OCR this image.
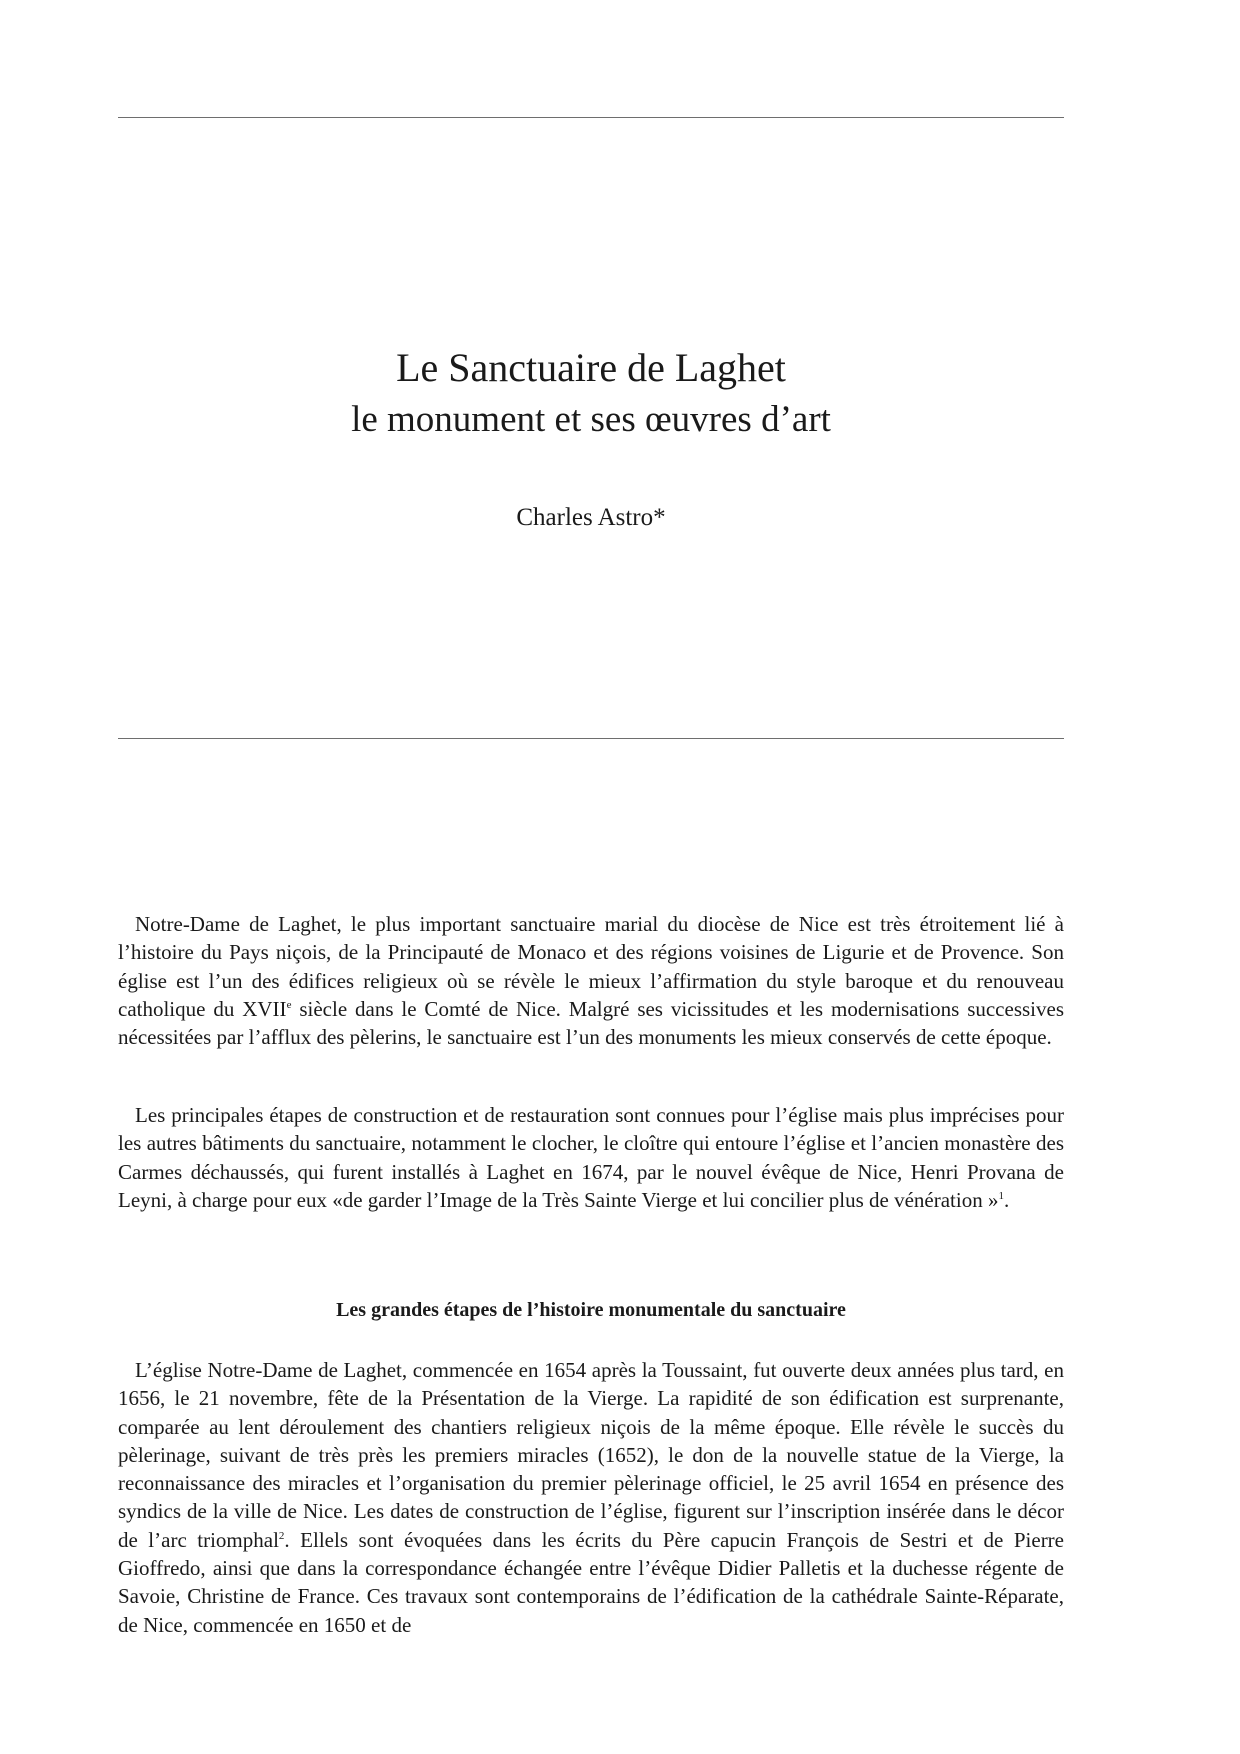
Le Sanctuaire de Laghet
le monument et ses œuvres d’art

Charles Astro*

Notre-Dame de Laghet, le plus important sanctuaire marial du diocèse de Nice est très étroitement lié à l’histoire du Pays niçois, de la Principauté de Monaco et des régions voisines de Ligurie et de Provence. Son église est l’un des édifices religieux où se révèle le mieux l’affirmation du style baroque et du renouveau catholique du XVIIe siècle dans le Comté de Nice. Malgré ses vicissitudes et les modernisations successives nécessitées par l’afflux des pèlerins, le sanctuaire est l’un des monuments les mieux conservés de cette époque.

Les principales étapes de construction et de restauration sont connues pour l’église mais plus imprécises pour les autres bâtiments du sanctuaire, notamment le clocher, le cloître qui entoure l’église et l’ancien monastère des Carmes déchaussés, qui furent installés à Laghet en 1674, par le nouvel évêque de Nice, Henri Provana de Leyni, à charge pour eux «de garder l’Image de la Très Sainte Vierge et lui concilier plus de vénération »$^1$.

Les grandes étapes de l’histoire monumentale du sanctuaire

L’église Notre-Dame de Laghet, commencée en 1654 après la Toussaint, fut ouverte deux années plus tard, en 1656, le 21 novembre, fête de la Présentation de la Vierge. La rapidité de son édification est surprenante, comparée au lent déroulement des chantiers religieux niçois de la même époque. Elle révèle le succès du pèlerinage, suivant de très près les premiers miracles (1652), le don de la nouvelle statue de la Vierge, la reconnaissance des miracles et l’organisation du premier pèlerinage officiel, le 25 avril 1654 en présence des syndics de la ville de Nice. Les dates de construction de l’église, figurent sur l’inscription insérée dans le décor de l’arc triomphal$^2$. Ellels sont évoquées dans les écrits du Père capucin François de Sestri et de Pierre Gioffredo, ainsi que dans la correspondance échangée entre l’évêque Didier Palletis et la duchesse régente de Savoie, Christine de France. Ces travaux sont contemporains de l’édification de la cathédrale Sainte-Réparate, de Nice, commencée en 1650 et de
